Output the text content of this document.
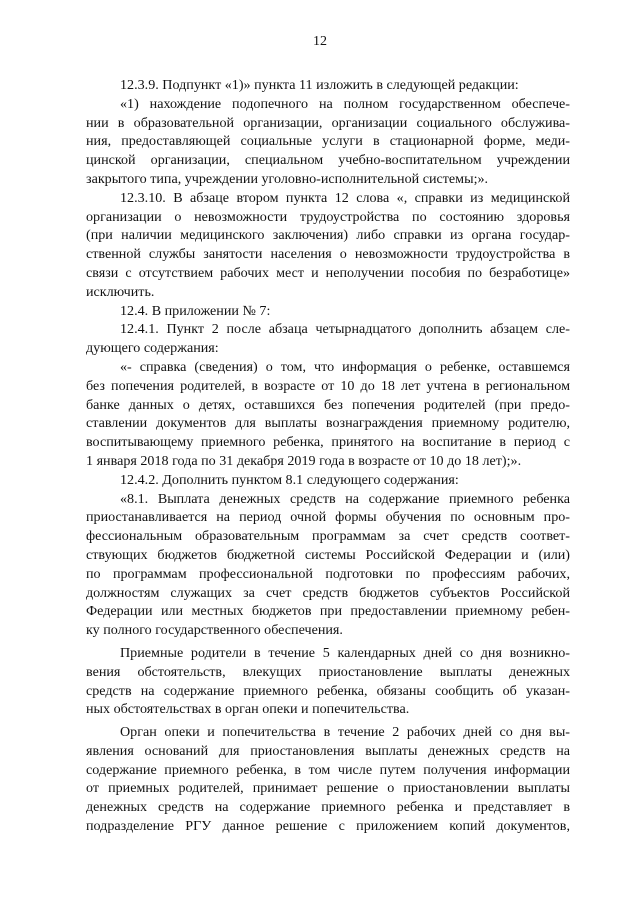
12
12.3.9. Подпункт «1)» пункта 11 изложить в следующей редакции:
«1) нахождение подопечного на полном государственном обеспече-
нии в образовательной организации, организации социального обслужива-
ния, предоставляющей социальные услуги в стационарной форме, меди-
цинской организации, специальном учебно-воспитательном учреждении
закрытого типа, учреждении уголовно-исполнительной системы;».
12.3.10. В абзаце втором пункта 12 слова «, справки из медицинской
организации о невозможности трудоустройства по состоянию здоровья
(при наличии медицинского заключения) либо справки из органа государ-
ственной службы занятости населения о невозможности трудоустройства в
связи с отсутствием рабочих мест и неполучении пособия по безработице»
исключить.
12.4. В приложении № 7:
12.4.1. Пункт 2 после абзаца четырнадцатого дополнить абзацем сле-
дующего содержания:
«- справка (сведения) о том, что информация о ребенке, оставшемся
без попечения родителей, в возрасте от 10 до 18 лет учтена в региональном
банке данных о детях, оставшихся без попечения родителей (при предо-
ставлении документов для выплаты вознаграждения приемному родителю,
воспитывающему приемного ребенка, принятого на воспитание в период с
1 января 2018 года по 31 декабря 2019 года в возрасте от 10 до 18 лет);».
12.4.2. Дополнить пунктом 8.1 следующего содержания:
«8.1. Выплата денежных средств на содержание приемного ребенка
приостанавливается на период очной формы обучения по основным про-
фессиональным образовательным программам за счет средств соответ-
ствующих бюджетов бюджетной системы Российской Федерации и (или)
по программам профессиональной подготовки по профессиям рабочих,
должностям служащих за счет средств бюджетов субъектов Российской
Федерации или местных бюджетов при предоставлении приемному ребен-
ку полного государственного обеспечения.
Приемные родители в течение 5 календарных дней со дня возникно-
вения обстоятельств, влекущих приостановление выплаты денежных
средств на содержание приемного ребенка, обязаны сообщить об указан-
ных обстоятельствах в орган опеки и попечительства.
Орган опеки и попечительства в течение 2 рабочих дней со дня вы-
явления оснований для приостановления выплаты денежных средств на
содержание приемного ребенка, в том числе путем получения информации
от приемных родителей, принимает решение о приостановлении выплаты
денежных средств на содержание приемного ребенка и представляет в
подразделение РГУ данное решение с приложением копий документов,
